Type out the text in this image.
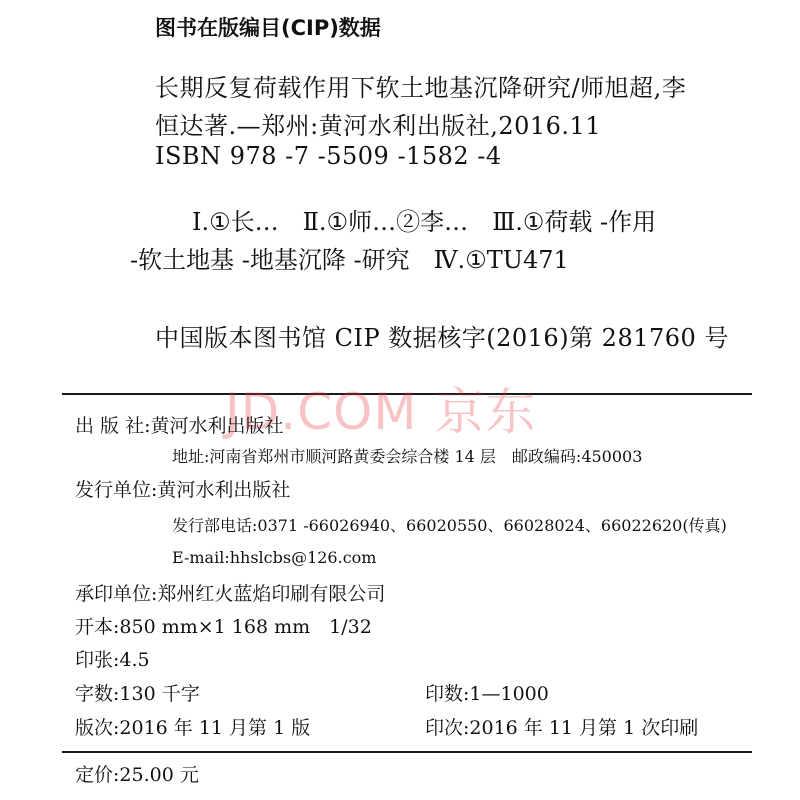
图书在版编目(CIP)数据
长期反复荷载作用下软土地基沉降研究/师旭超,李
恒达著.—郑州:黄河水利出版社,2016.11
ISBN 978 -7 -5509 -1582 -4
Ⅰ.①长…　Ⅱ.①师…②李…　Ⅲ.①荷载 -作用
-软土地基 -地基沉降 -研究　Ⅳ.①TU471
中国版本图书馆 CIP 数据核字(2016)第 281760 号
JD.COM 京东
出 版 社:黄河水利出版社
地址:河南省郑州市顺河路黄委会综合楼 14 层　邮政编码:450003
发行单位:黄河水利出版社
发行部电话:0371 -66026940、66020550、66028024、66022620(传真)
E-mail:hhslcbs@126.com
承印单位:郑州红火蓝焰印刷有限公司
开本:850 mm×1 168 mm　1/32
印张:4.5
字数:130 千字	印数:1—1000
版次:2016 年 11 月第 1 版	印次:2016 年 11 月第 1 次印刷
定价:25.00 元
